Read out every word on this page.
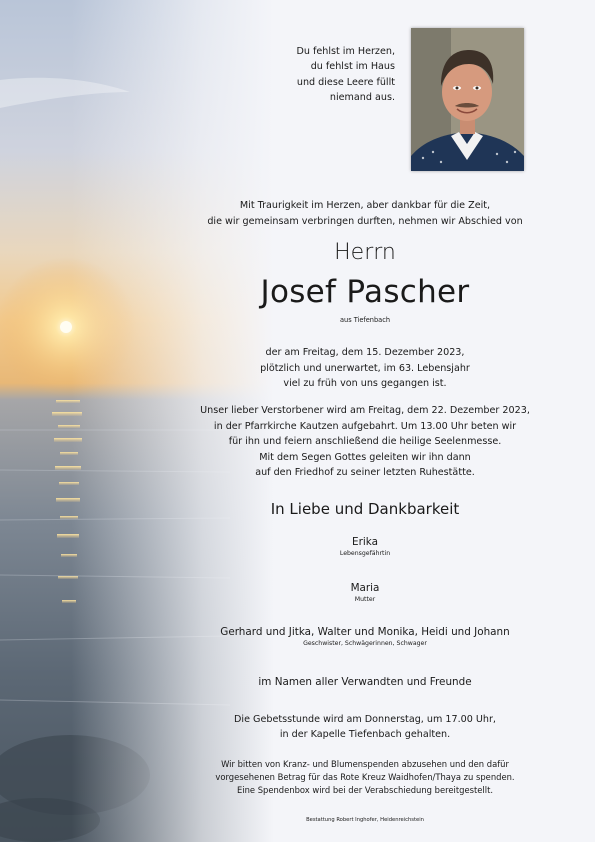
Du fehlst im Herzen,
du fehlst im Haus
und diese Leere füllt
niemand aus.
Mit Traurigkeit im Herzen, aber dankbar für die Zeit,
die wir gemeinsam verbringen durften, nehmen wir Abschied von
Herrn
Josef Pascher
aus Tiefenbach
der am Freitag, dem 15. Dezember 2023,
plötzlich und unerwartet, im 63. Lebensjahr
viel zu früh von uns gegangen ist.
Unser lieber Verstorbener wird am Freitag, dem 22. Dezember 2023,
in der Pfarrkirche Kautzen aufgebahrt. Um 13.00 Uhr beten wir
für ihn und feiern anschließend die heilige Seelenmesse.
Mit dem Segen Gottes geleiten wir ihn dann
auf den Friedhof zu seiner letzten Ruhestätte.
In Liebe und Dankbarkeit
Erika
Lebensgefährtin
Maria
Mutter
Gerhard und Jitka, Walter und Monika, Heidi und Johann
Geschwister, Schwägerinnen, Schwager
im Namen aller Verwandten und Freunde
Die Gebetsstunde wird am Donnerstag, um 17.00 Uhr,
in der Kapelle Tiefenbach gehalten.
Wir bitten von Kranz- und Blumenspenden abzusehen und den dafür
vorgesehenen Betrag für das Rote Kreuz Waidhofen/Thaya zu spenden.
Eine Spendenbox wird bei der Verabschiedung bereitgestellt.
Bestattung Robert Inghofer, Heidenreichstein
